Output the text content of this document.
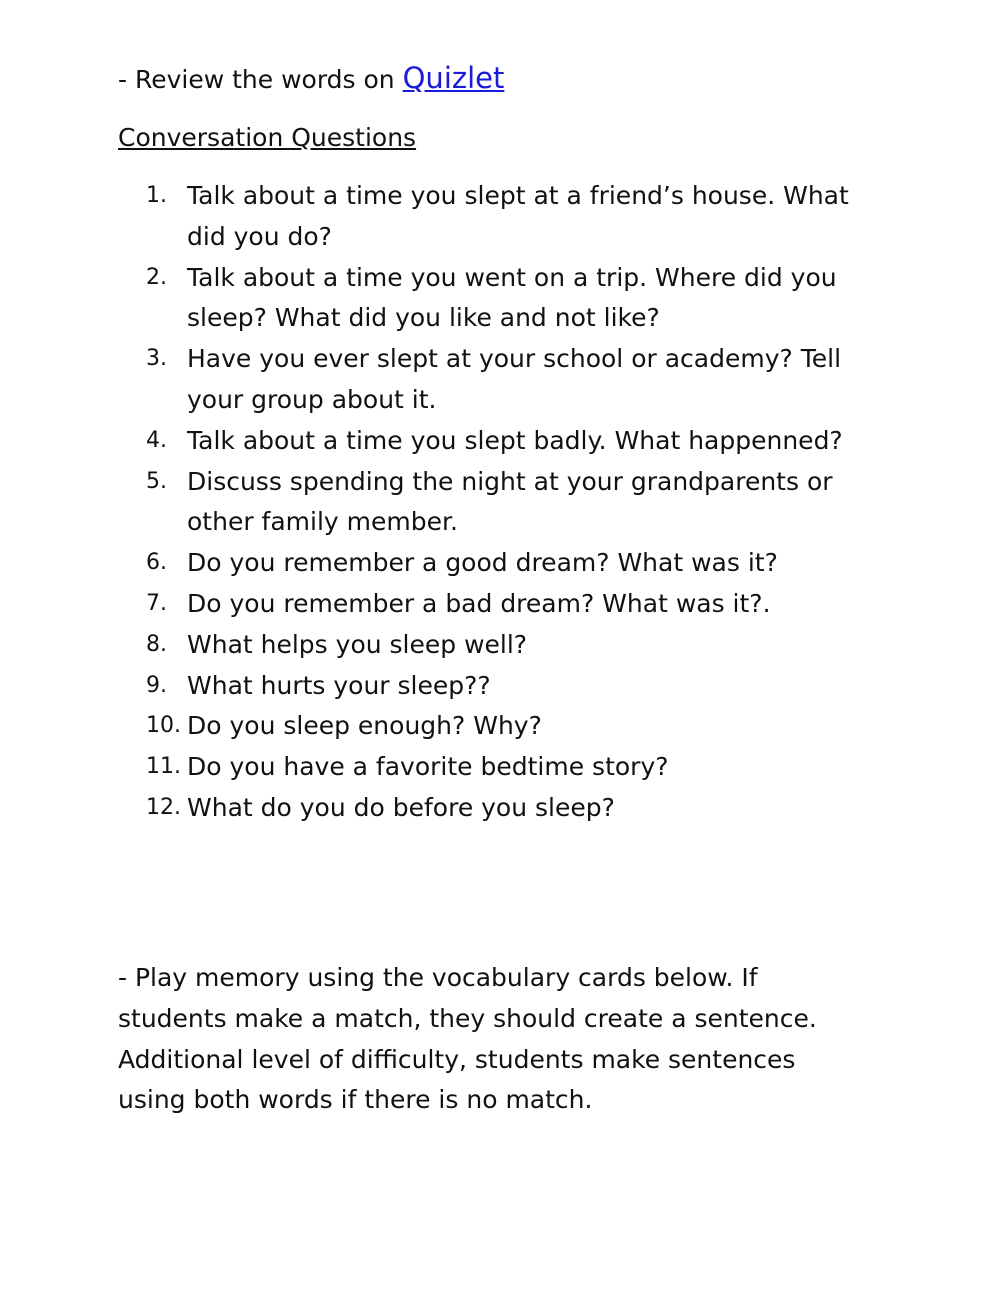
- Review the words on Quizlet
Conversation Questions
1. Talk about a time you slept at a friend’s house. What did you do?
2. Talk about a time you went on a trip. Where did you sleep? What did you like and not like?
3. Have you ever slept at your school or academy? Tell your group about it.
4. Talk about a time you slept badly. What happenned?
5. Discuss spending the night at your grandparents or other family member.
6. Do you remember a good dream? What was it?
7. Do you remember a bad dream? What was it?.
8. What helps you sleep well?
9. What hurts your sleep??
10. Do you sleep enough? Why?
11. Do you have a favorite bedtime story?
12. What do you do before you sleep?

- Play memory using the vocabulary cards below. If students make a match, they should create a sentence. Additional level of difficulty, students make sentences using both words if there is no match.
